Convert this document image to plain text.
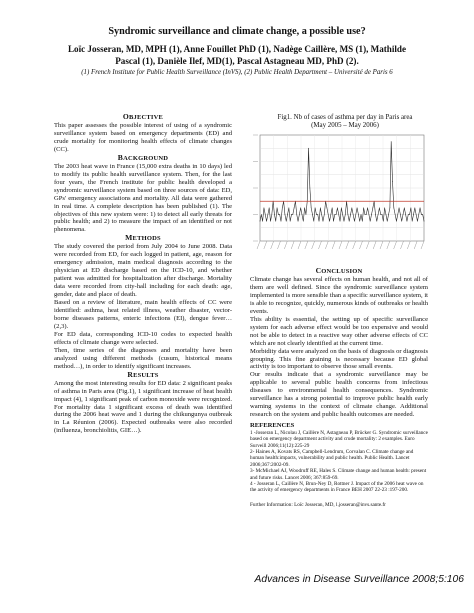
Syndromic surveillance and climate change, a possible use?
Loïc Josseran, MD, MPH (1), Anne Fouillet PhD (1), Nadège Caillère, MS (1), Mathilde
Pascal (1), Danièle Ilef, MD(1), Pascal Astagneau MD, PhD (2).
(1) French Institute for Public Health Surveillance (InVS), (2) Public Health Department – Université de Paris 6
OBJECTIVE

This paper assesses the possible interest of using of a syndromic surveillance system based on emergency departments (ED) and crude mortality for monitoring health effects of climate changes (CC).

BACKGROUND

The 2003 heat wave in France (15,000 extra deaths in 10 days) led to modify its public health surveillance system. Then, for the last four years, the French institute for public health developed a syndromic surveillance system based on three sources of data: ED, GPs' emergency associations and mortality. All data were gathered in real time. A complete description has been published (1). The objectives of this new system were: 1) to detect all early threats for public health; and 2) to measure the impact of an identified or not phenomena.

METHODS

The study covered the period from July 2004 to June 2008. Data were recorded from ED, for each logged in patient, age, reason for emergency admission, main medical diagnosis according to the physician at ED discharge based on the ICD-10, and whether patient was admitted for hospitalization after discharge. Mortality data were recorded from city-hall including for each death: age, gender, date and place of death.

Based on a review of literature, main health effects of CC were identified: asthma, heat related illness, weather disaster, vector-borne diseases patterns, enteric infections (EI), dengue fever…(2,3).

For ED data, corresponding ICD-10 codes to expected health effects of climate change were selected.

Then, time series of the diagnoses and mortality have been analyzed using different methods (cusum, historical means method…), in order to identify significant increases.

RESULTS

Among the most interesting results for ED data: 2 significant peaks of asthma in Paris area (Fig.1), 1 significant increase of heat health impact (4), 1 significant peak of carbon monoxide were recognized. For mortality data 1 significant excess of death was identified during the 2006 heat wave and 1 during the chikungunya outbreak in La Réunion (2006). Expected outbreaks were also recorded (influenza, bronchiolitis, GIE…).

Fig1. Nb of cases of asthma per day in Paris area
(May 2005 – May 2006)
CONCLUSION

Climate change has several effects on human health, and not all of them are well defined. Since the syndromic surveillance system implemented is more sensible than a specific surveillance system, it is able to recognize, quickly, numerous kinds of outbreaks or health events.

This ability is essential, the setting up of specific surveillance system for each adverse effect would be too expensive and would not be able to detect in a reactive way other adverse effects of CC which are not clearly identified at the current time.

Morbidity data were analyzed on the basis of diagnosis or diagnosis grouping. This fine graining is necessary because ED global activity is too important to observe those small events.

Our results indicate that a syndromic surveillance may be applicable to several public health concerns from infectious diseases to environmental health consequences. Syndromic surveillance has a strong potential to improve public health early warning systems in the context of climate change. Additional research on the system and public health outcomes are needed.

REFERENCES

1 -Josseran L, Nicolau J, Caillère N, Astagneau P, Brücker G. Syndromic surveillance based on emergency department activity and crude mortality: 2 examples. Euro Surveill 2006;11(12):225-29

2- Haines A, Kovats RS, Campbell-Lendrum, Corvalan C. Climate change and human health:impacts, vulnerability and public health. Public Health. Lancet 2006;367:2002-09.

3- McMichael AJ, Woodruff RE, Hales S. Climate change and human health: present and future risks. Lancet 2006; 367:859-69.

4 - Josseran L, Caillère N, Brun-Ney D, Rottner J. Impact of the 2006 heat wave on the activity of emergency departments in France BEH 2007 22-23 :197-200.

Further Information: Loïc Josseran, MD, l.josseran@invs.sante.fr

Advances in Disease Surveillance 2008;5:106
